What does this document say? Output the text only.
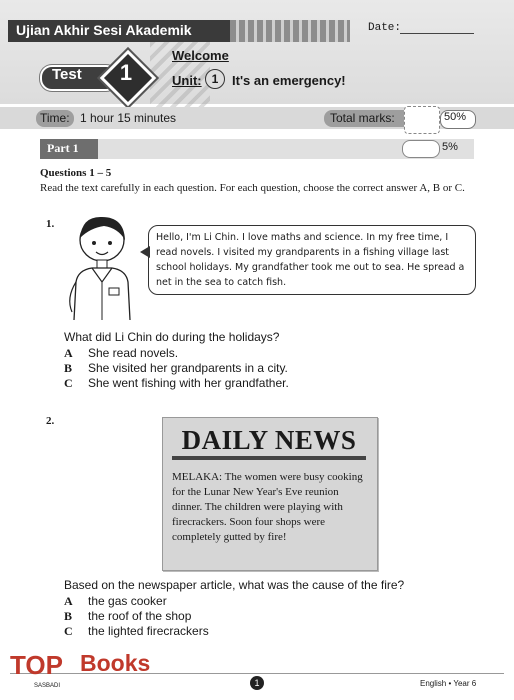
Ujian Akhir Sesi Akademik	Date:
Test 1
Welcome
Unit: 1	It's an emergency!
Time: 1 hour 15 minutes	Total marks:	50%
Part 1	5%
Questions 1 – 5
Read the text carefully in each question. For each question, choose the correct answer A, B or C.
1.
Hello, I'm Li Chin. I love maths and science. In my free time, I read novels. I visited my grandparents in a fishing village last school holidays. My grandfather took me out to sea. He spread a net in the sea to catch fish.
What did Li Chin do during the holidays?
A She read novels.
B She visited her grandparents in a city.
C She went fishing with her grandfather.
2.
DAILY NEWS
MELAKA: The women were busy cooking for the Lunar New Year's Eve reunion dinner. The children were playing with firecrackers. Soon four shops were completely gutted by fire!
Based on the newspaper article, what was the cause of the fire?
A the gas cooker
B the roof of the shop
C the lighted firecrackers
TOP Books
SASBADI	1	English • Year 6
